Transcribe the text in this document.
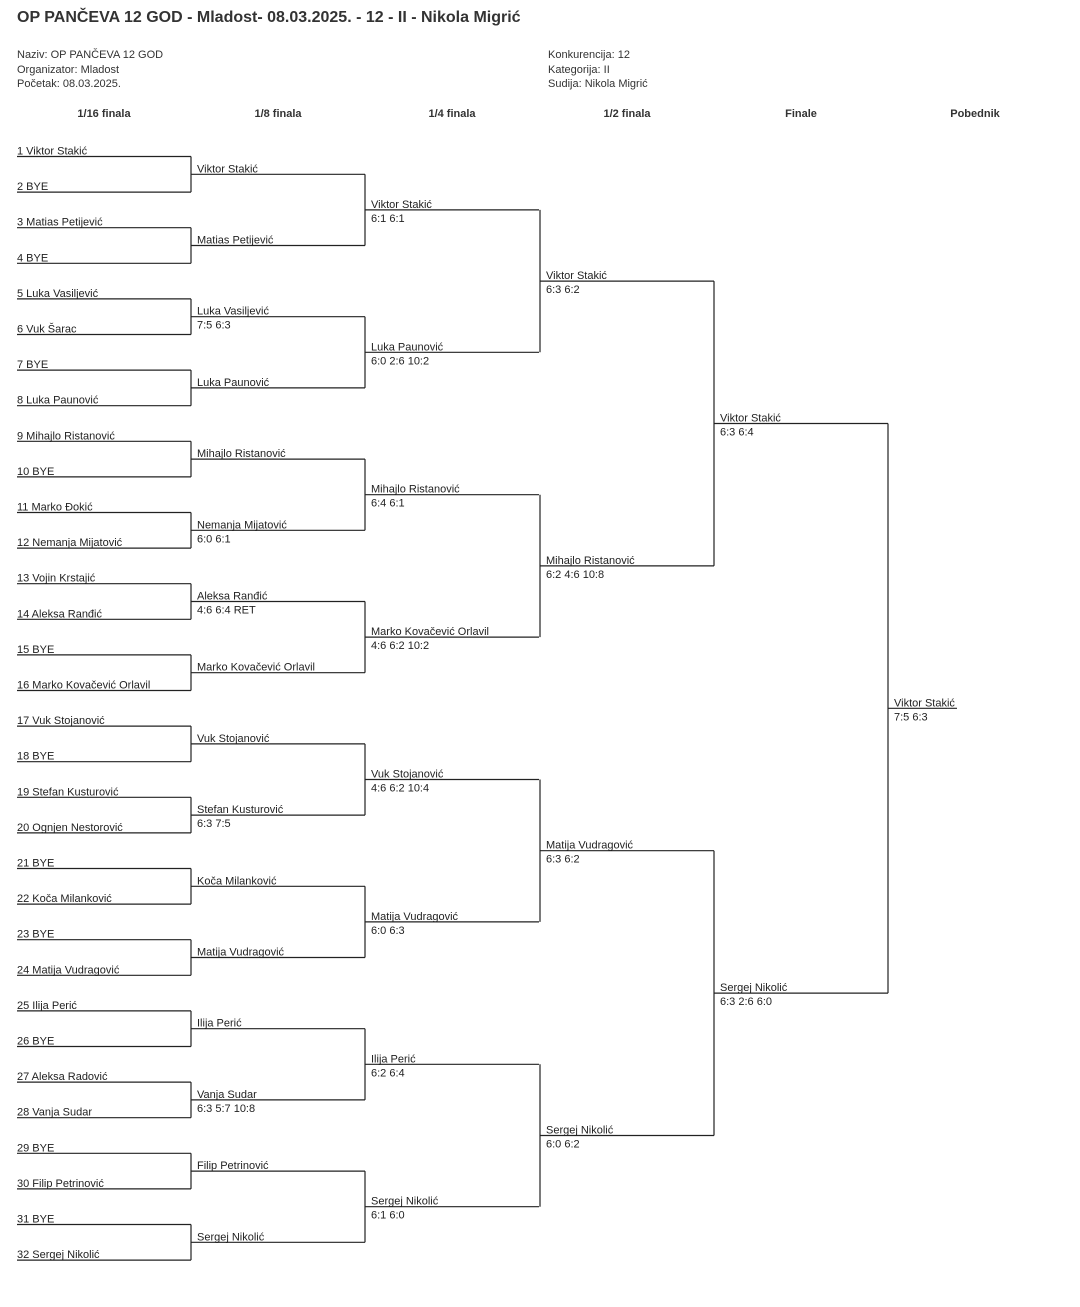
OP PANČEVA 12 GOD - Mladost- 08.03.2025. - 12 - II - Nikola Migrić
Naziv: OP PANČEVA 12 GOD
Organizator: Mladost
Početak: 08.03.2025.
Konkurencija: 12
Kategorija: II
Sudija: Nikola Migrić
1/16 finala	1/8 finala	1/4 finala	1/2 finala	Finale	Pobednik
1 Viktor Stakić
2 BYE
3 Matias Petijević
4 BYE
5 Luka Vasiljević
6 Vuk Šarac
7 BYE
8 Luka Paunović
9 Mihajlo Ristanović
10 BYE
11 Marko Đokić
12 Nemanja Mijatović
13 Vojin Krstajić
14 Aleksa Ranđić
15 BYE
16 Marko Kovačević Orlavil
17 Vuk Stojanović
18 BYE
19 Stefan Kusturović
20 Ognjen Nestorović
21 BYE
22 Koča Milanković
23 BYE
24 Matija Vudragović
25 Ilija Perić
26 BYE
27 Aleksa Radović
28 Vanja Sudar
29 BYE
30 Filip Petrinović
31 BYE
32 Sergej Nikolić
Viktor Stakić
Matias Petijević
Luka Vasiljević
7:5 6:3
Luka Paunović
Mihajlo Ristanović
Nemanja Mijatović
6:0 6:1
Aleksa Ranđić
4:6 6:4 RET
Marko Kovačević Orlavil
Vuk Stojanović
Stefan Kusturović
6:3 7:5
Koča Milanković
Matija Vudragović
Ilija Perić
Vanja Sudar
6:3 5:7 10:8
Filip Petrinović
Sergej Nikolić
Viktor Stakić
6:1 6:1
Luka Paunović
6:0 2:6 10:2
Mihajlo Ristanović
6:4 6:1
Marko Kovačević Orlavil
4:6 6:2 10:2
Vuk Stojanović
4:6 6:2 10:4
Matija Vudragović
6:0 6:3
Ilija Perić
6:2 6:4
Sergej Nikolić
6:1 6:0
Viktor Stakić
6:3 6:2
Mihajlo Ristanović
6:2 4:6 10:8
Matija Vudragović
6:3 6:2
Sergej Nikolić
6:0 6:2
Viktor Stakić
6:3 6:4
Sergej Nikolić
6:3 2:6 6:0
Viktor Stakić
7:5 6:3
